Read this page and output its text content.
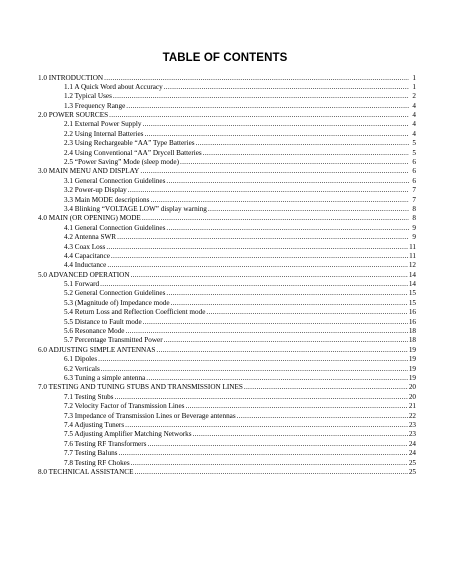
TABLE OF CONTENTS
1.0 INTRODUCTION .....	1
1.1 A Quick Word about Accuracy .....	1
1.2 Typical Uses .....	2
1.3 Frequency Range .....	4
2.0 POWER SOURCES .....	4
2.1 External Power Supply .....	4
2.2 Using Internal Batteries .....	4
2.3 Using Rechargeable “AA” Type Batteries .....	5
2.4 Using Conventional “AA” Drycell Batteries .....	5
2.5 “Power Saving” Mode (sleep mode) .....	6
3.0 MAIN MENU AND DISPLAY .....	6
3.1 General Connection Guidelines .....	6
3.2 Power-up Display .....	7
3.3 Main MODE descriptions .....	7
3.4 Blinking “VOLTAGE LOW” display warning .....	8
4.0 MAIN (OR OPENING) MODE .....	8
4.1 General Connection Guidelines .....	9
4.2 Antenna SWR .....	9
4.3 Coax Loss .....	11
4.4 Capacitance .....	11
4.4 Inductance .....	12
5.0 ADVANCED OPERATION .....	14
5.1 Forward .....	14
5.2 General Connection Guidelines .....	15
5.3 (Magnitude of) Impedance mode .....	15
5.4 Return Loss and Reflection Coefficient mode .....	16
5.5 Distance to Fault mode .....	16
5.6 Resonance Mode .....	18
5.7 Percentage Transmitted Power .....	18
6.0 ADJUSTING SIMPLE ANTENNAS .....	19
6.1 Dipoles .....	19
6.2 Verticals .....	19
6.3 Tuning a simple antenna .....	19
7.0 TESTING AND TUNING STUBS AND TRANSMISSION LINES .....	20
7.1 Testing Stubs .....	20
7.2 Velocity Factor of Transmission Lines .....	21
7.3 Impedance of Transmission Lines or Beverage antennas .....	22
7.4 Adjusting Tuners .....	23
7.5 Adjusting Amplifier Matching Networks .....	23
7.6 Testing RF Transformers .....	24
7.7 Testing Baluns .....	24
7.8 Testing RF Chokes .....	25
8.0 TECHNICAL ASSISTANCE .....	25
